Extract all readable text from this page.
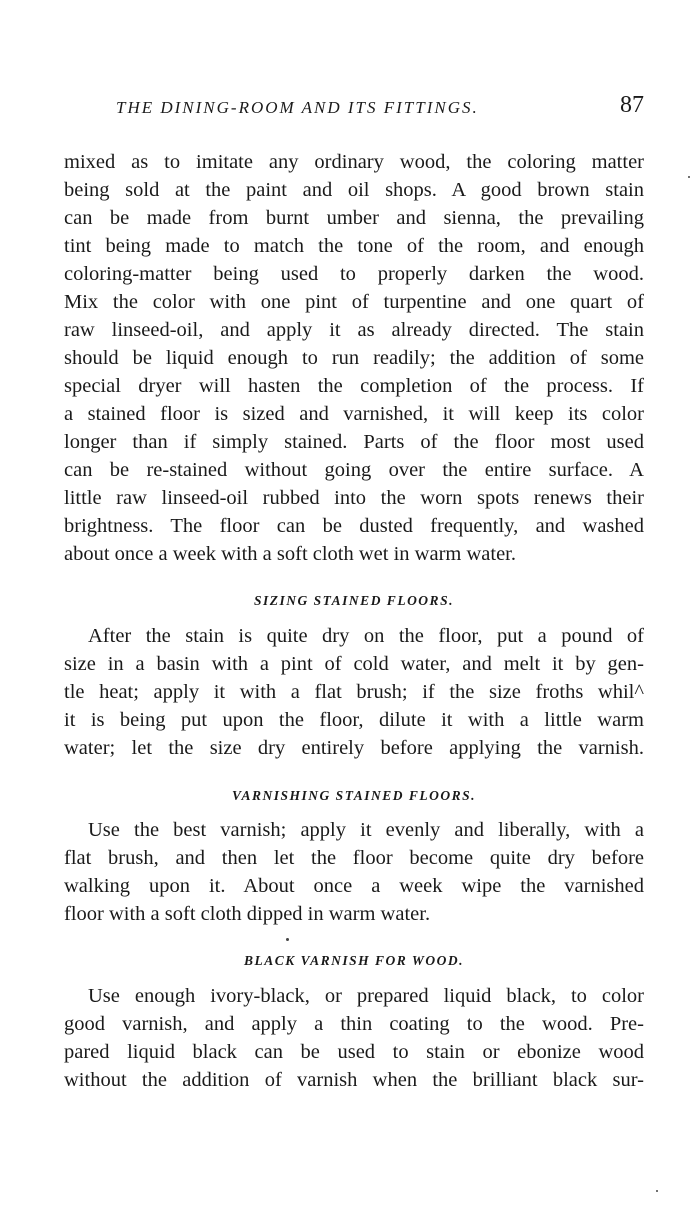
THE DINING-ROOM AND ITS FITTINGS.	87
mixed as to imitate any ordinary wood, the coloring matter
being sold at the paint and oil shops. A good brown stain
can be made from burnt umber and sienna, the prevailing
tint being made to match the tone of the room, and enough
coloring-matter being used to properly darken the wood.
Mix the color with one pint of turpentine and one quart of
raw linseed-oil, and apply it as already directed. The stain
should be liquid enough to run readily; the addition of some
special dryer will hasten the completion of the process. If
a stained floor is sized and varnished, it will keep its color
longer than if simply stained. Parts of the floor most used
can be re-stained without going over the entire surface. A
little raw linseed-oil rubbed into the worn spots renews their
brightness. The floor can be dusted frequently, and washed
about once a week with a soft cloth wet in warm water.
SIZING STAINED FLOORS.
After the stain is quite dry on the floor, put a pound of
size in a basin with a pint of cold water, and melt it by gen-
tle heat; apply it with a flat brush; if the size froths whil^
it is being put upon the floor, dilute it with a little warm
water; let the size dry entirely before applying the varnish.
VARNISHING STAINED FLOORS.
Use the best varnish; apply it evenly and liberally, with a
flat brush, and then let the floor become quite dry before
walking upon it. About once a week wipe the varnished
floor with a soft cloth dipped in warm water.
BLACK VARNISH FOR WOOD.
Use enough ivory-black, or prepared liquid black, to color
good varnish, and apply a thin coating to the wood. Pre-
pared liquid black can be used to stain or ebonize wood
without the addition of varnish when the brilliant black sur-
